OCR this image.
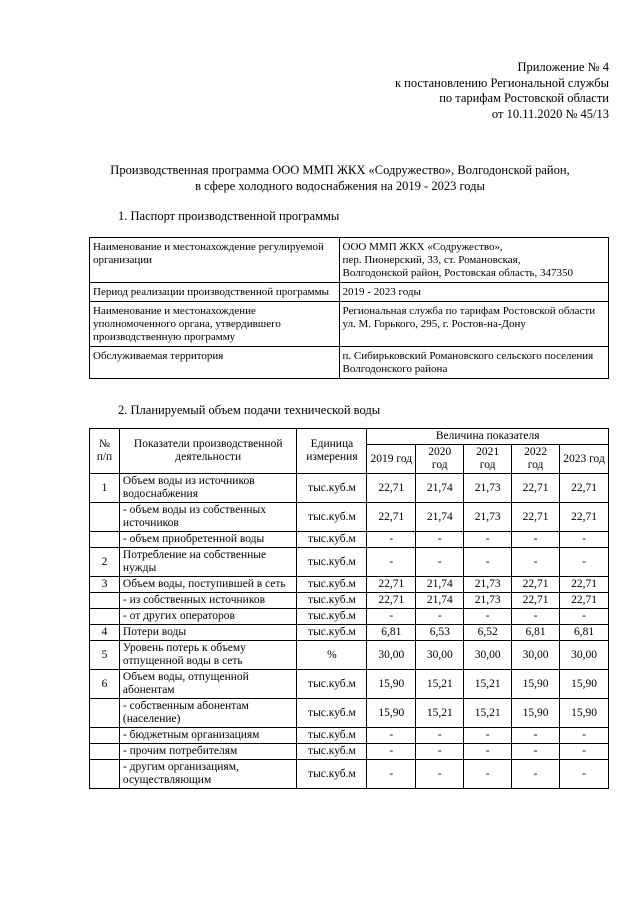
Приложение № 4
к постановлению Региональной службы
по тарифам Ростовской области
от 10.11.2020 № 45/13
Производственная программа ООО ММП ЖКХ «Содружество», Волгодонской район,
в сфере холодного водоснабжения на 2019 - 2023 годы
1. Паспорт производственной программы
Наименование и местонахождение регулируемой организации	ООО ММП ЖКХ «Содружество»,
пер. Пионерский, 33, ст. Романовская,
Волгодонской район, Ростовская область, 347350

Период реализации производственной программы	2019 - 2023 годы

Наименование и местонахождение уполномоченного органа, утвердившего производственную программу	Региональная служба по тарифам Ростовской области
ул. М. Горького, 295, г. Ростов-на-Дону

Обслуживаемая территория	п. Сибирьковский Романовского сельского поселения Волгодонского района
2. Планируемый объем подачи технической воды
№ п/п	Показатели производственной деятельности	Единица измерения	Величина показателя				
			2019 год	2020 год	2021 год	2022 год	2023 год
1	Объем воды из источников водоснабжения	тыс.куб.м	22,71	21,74	21,73	22,71	22,71
	- объем воды из собственных источников	тыс.куб.м	22,71	21,74	21,73	22,71	22,71
	- объем приобретенной воды	тыс.куб.м	-	-	-	-	-
2	Потребление на собственные нужды	тыс.куб.м	-	-	-	-	-
3	Объем воды, поступившей в сеть	тыс.куб.м	22,71	21,74	21,73	22,71	22,71
	- из собственных источников	тыс.куб.м	22,71	21,74	21,73	22,71	22,71
	- от других операторов	тыс.куб.м	-	-	-	-	-
4	Потери воды	тыс.куб.м	6,81	6,53	6,52	6,81	6,81
5	Уровень потерь к объему отпущенной воды в сеть	%	30,00	30,00	30,00	30,00	30,00
6	Объем воды, отпущенной абонентам	тыс.куб.м	15,90	15,21	15,21	15,90	15,90
	- собственным абонентам (население)	тыс.куб.м	15,90	15,21	15,21	15,90	15,90
	- бюджетным организациям	тыс.куб.м	-	-	-	-	-
	- прочим потребителям	тыс.куб.м	-	-	-	-	-
	- другим организациям, осуществляющим	тыс.куб.м	-	-	-	-	-
